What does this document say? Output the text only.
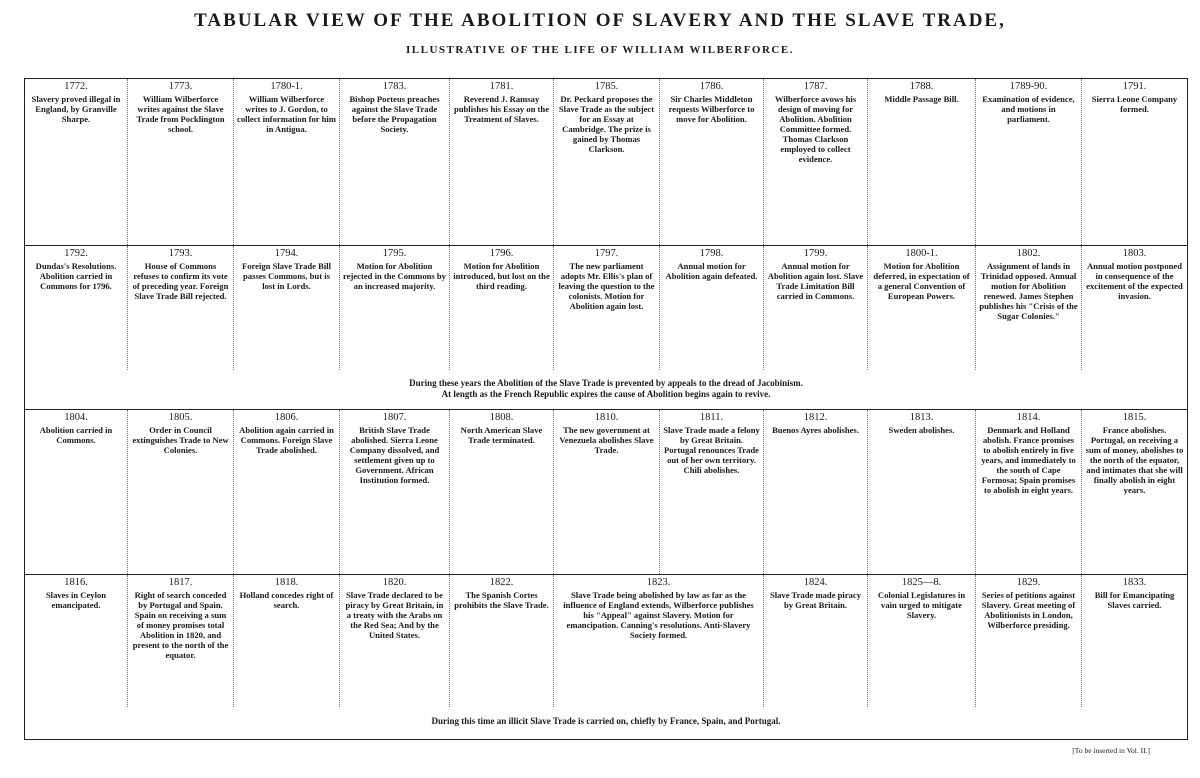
TABULAR VIEW OF THE ABOLITION OF SLAVERY AND THE SLAVE TRADE,
ILLUSTRATIVE OF THE LIFE OF WILLIAM WILBERFORCE.
1772.
Slavery proved illegal in England, by Granville Sharpe.
1773.
William Wilberforce writes against the Slave Trade from Pocklington school.
1780-1.
William Wilberforce writes to J. Gordon, to collect information for him in Antigua.
1783.
Bishop Porteus preaches against the Slave Trade before the Propagation Society.
1781.
Reverend J. Ramsay publishes his Essay on the Treatment of Slaves.
1785.
Dr. Peckard proposes the Slave Trade as the subject for an Essay at Cambridge. The prize is gained by Thomas Clarkson.
1786.
Sir Charles Middleton requests Wilberforce to move for Abolition.
1787.
Wilberforce avows his design of moving for Abolition. Abolition Committee formed. Thomas Clarkson employed to collect evidence.
1788.
Middle Passage Bill.
1789-90.
Examination of evidence, and motions in parliament.
1791.
Sierra Leone Company formed.
1792.
Dundas's Resolutions. Abolition carried in Commons for 1796.
1793.
House of Commons refuses to confirm its vote of preceding year. Foreign Slave Trade Bill rejected.
1794.
Foreign Slave Trade Bill passes Commons, but is lost in Lords.
1795.
Motion for Abolition rejected in the Commons by an increased majority.
1796.
Motion for Abolition introduced, but lost on the third reading.
1797.
The new parliament adopts Mr. Ellis's plan of leaving the question to the colonists. Motion for Abolition again lost.
1798.
Annual motion for Abolition again defeated.
1799.
Annual motion for Abolition again lost. Slave Trade Limitation Bill carried in Commons.
1800-1.
Motion for Abolition deferred, in expectation of a general Convention of European Powers.
1802.
Assignment of lands in Trinidad opposed. Annual motion for Abolition renewed. James Stephen publishes his "Crisis of the Sugar Colonies."
1803.
Annual motion postponed in consequence of the excitement of the expected invasion.
During these years the Abolition of the Slave Trade is prevented by appeals to the dread of Jacobinism.
At length as the French Republic expires the cause of Abolition begins again to revive.
1804.
Abolition carried in Commons.
1805.
Order in Council extinguishes Trade to New Colonies.
1806.
Abolition again carried in Commons. Foreign Slave Trade abolished.
1807.
British Slave Trade abolished. Sierra Leone Company dissolved, and settlement given up to Government. African Institution formed.
1808.
North American Slave Trade terminated.
1810.
The new government at Venezuela abolishes Slave Trade.
1811.
Slave Trade made a felony by Great Britain. Portugal renounces Trade out of her own territory. Chili abolishes.
1812.
Buenos Ayres abolishes.
1813.
Sweden abolishes.
1814.
Denmark and Holland abolish. France promises to abolish entirely in five years, and immediately to the south of Cape Formosa; Spain promises to abolish in eight years.
1815.
France abolishes. Portugal, on receiving a sum of money, abolishes to the north of the equator, and intimates that she will finally abolish in eight years.
1816.
Slaves in Ceylon emancipated.
1817.
Right of search conceded by Portugal and Spain. Spain on receiving a sum of money promises total Abolition in 1820, and present to the north of the equator.
1818.
Holland concedes right of search.
1820.
Slave Trade declared to be piracy by Great Britain, in a treaty with the Arabs on the Red Sea; And by the United States.
1822.
The Spanish Cortes prohibits the Slave Trade.
1823.
Slave Trade being abolished by law as far as the influence of England extends, Wilberforce publishes his "Appeal" against Slavery. Motion for emancipation. Canning's resolutions. Anti-Slavery Society formed.
1824.
Slave Trade made piracy by Great Britain.
1825—8.
Colonial Legislatures in vain urged to mitigate Slavery.
1829.
Series of petitions against Slavery. Great meeting of Abolitionists in London, Wilberforce presiding.
1833.
Bill for Emancipating Slaves carried.
During this time an illicit Slave Trade is carried on, chiefly by France, Spain, and Portugal.
[To be inserted in Vol. II.]
